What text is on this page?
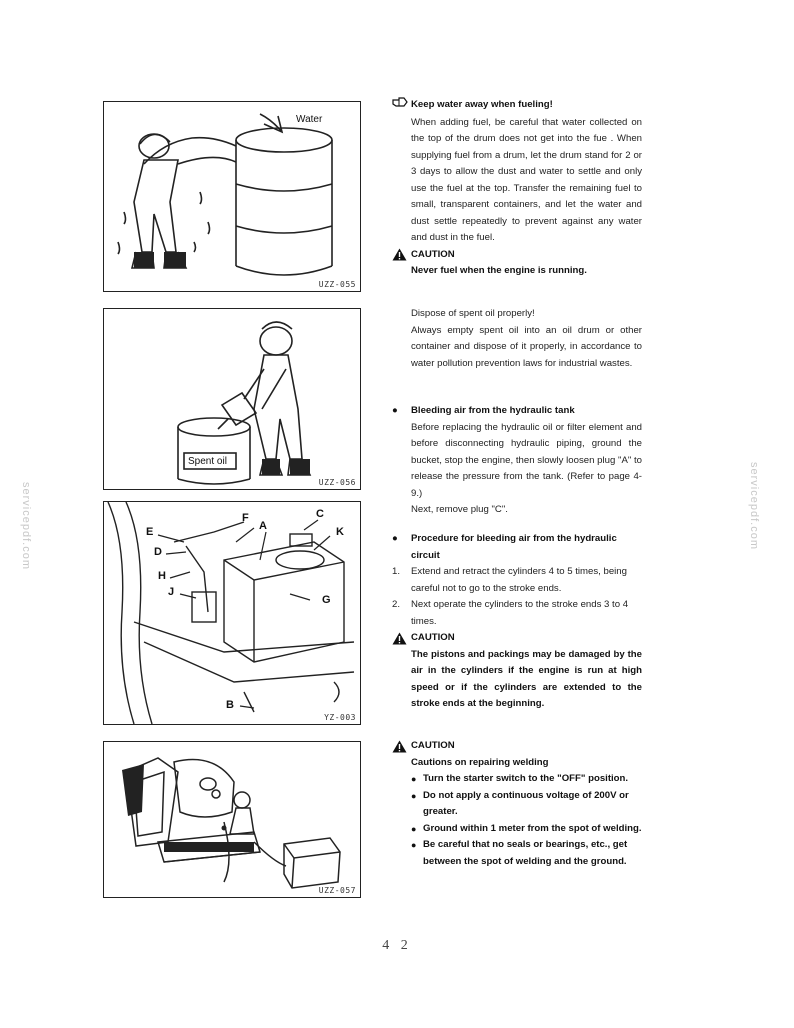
servicepdf.com	servicepdf.com
Water
UZZ-055
Spent oil
UZZ-056
E
F
A
C
K
D
H
J
G
B
YZ-003
UZZ-057
Keep water away when fueling!

When adding fuel, be careful that water collected on the top of the drum does not get into the fue . When supplying fuel from a drum, let the drum stand for 2 or 3 days to allow the dust and water to settle and only use the fuel at the top. Transfer the remaining fuel to small, transparent containers, and let the water and dust settle repeatedly to prevent against any water and dust in the fuel.

CAUTION

Never fuel when the engine is running.

Dispose of spent oil properly!

Always empty spent oil into an oil drum or other container and dispose of it properly, in accordance to water pollution prevention laws for industrial wastes.

●	Bleeding air from the hydraulic tank

Before replacing the hydraulic oil or filter element and before disconnecting hydraulic piping, ground the bucket, stop the engine, then slowly loosen plug "A" to release the pressure from the tank. (Refer to page 4-9.)

Next, remove plug "C".

●	Procedure for bleeding air from the hydraulic circuit
1.	Extend and retract the cylinders 4 to 5 times, being careful not to go to the stroke ends.
2.	Next operate the cylinders to the stroke ends 3 to 4 times.
CAUTION

The pistons and packings may be damaged by the air in the cylinders if the engine is run at high speed or if the cylinders are extended to the stroke ends at the beginning.

CAUTION

Cautions on repairing welding

● Turn the starter switch to the "OFF" position.
● Do not apply a continuous voltage of 200V or greater.
● Ground within 1 meter from the spot of welding.
● Be careful that no seals or bearings, etc., get between the spot of welding and the ground.
4 2
